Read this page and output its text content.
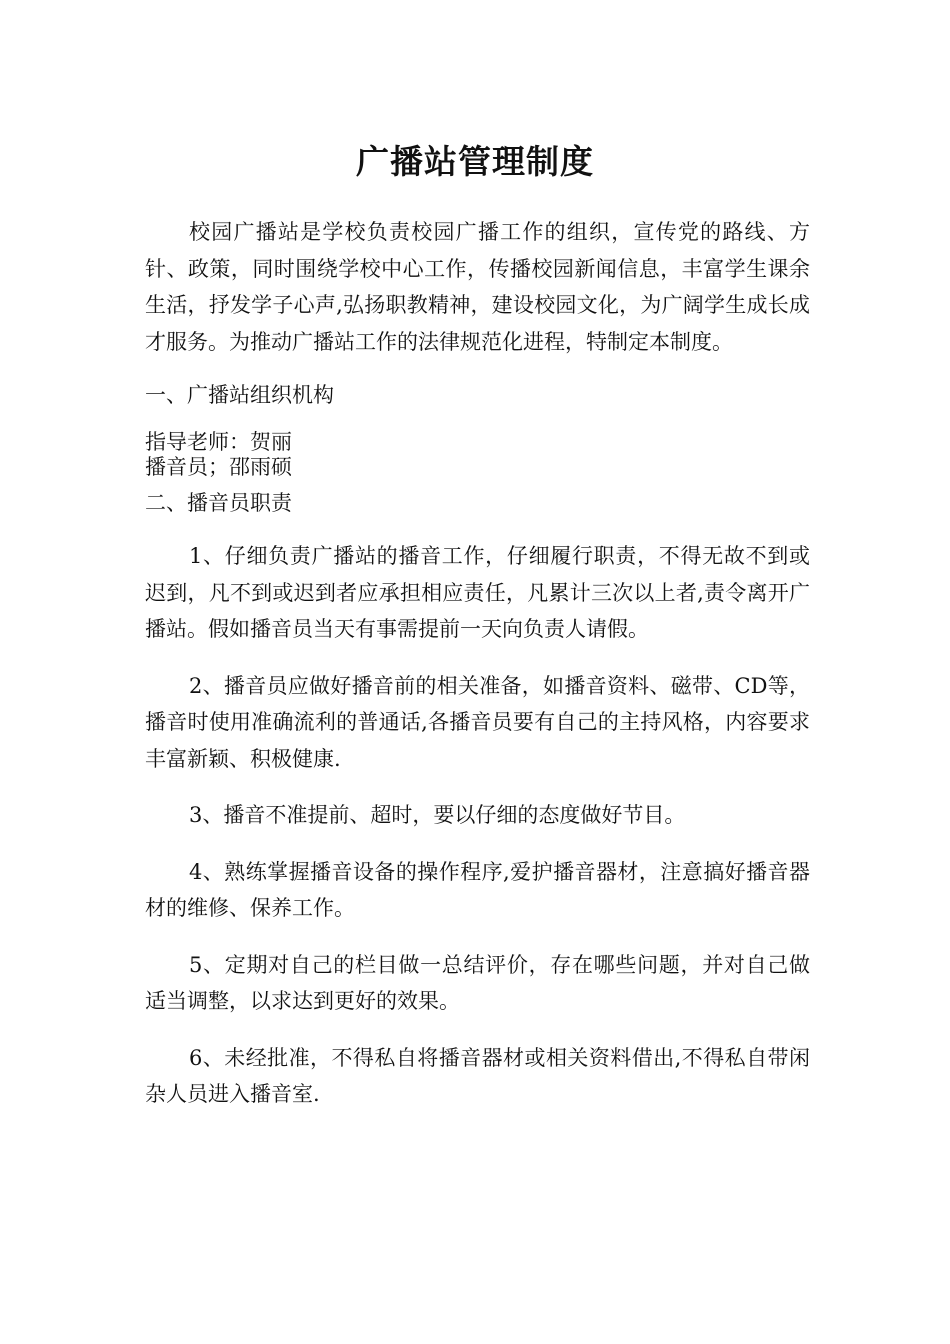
广播站管理制度

校园广播站是学校负责校园广播工作的组织，宣传党的路线、方针、政策，同时围绕学校中心工作，传播校园新闻信息，丰富学生课余生活，抒发学子心声,弘扬职教精神，建设校园文化，为广阔学生成长成才服务。为推动广播站工作的法律规范化进程，特制定本制度。

一、广播站组织机构

指导老师：贺丽

播音员；邵雨硕

二、播音员职责

1、仔细负责广播站的播音工作，仔细履行职责，不得无故不到或迟到，凡不到或迟到者应承担相应责任，凡累计三次以上者,责令离开广播站。假如播音员当天有事需提前一天向负责人请假。

2、播音员应做好播音前的相关准备，如播音资料、磁带、CD等，播音时使用准确流利的普通话,各播音员要有自己的主持风格，内容要求丰富新颖、积极健康.

3、播音不准提前、超时，要以仔细的态度做好节目。

4、熟练掌握播音设备的操作程序,爱护播音器材，注意搞好播音器材的维修、保养工作。

5、定期对自己的栏目做一总结评价，存在哪些问题，并对自己做适当调整，以求达到更好的效果。

6、未经批准，不得私自将播音器材或相关资料借出,不得私自带闲杂人员进入播音室.
